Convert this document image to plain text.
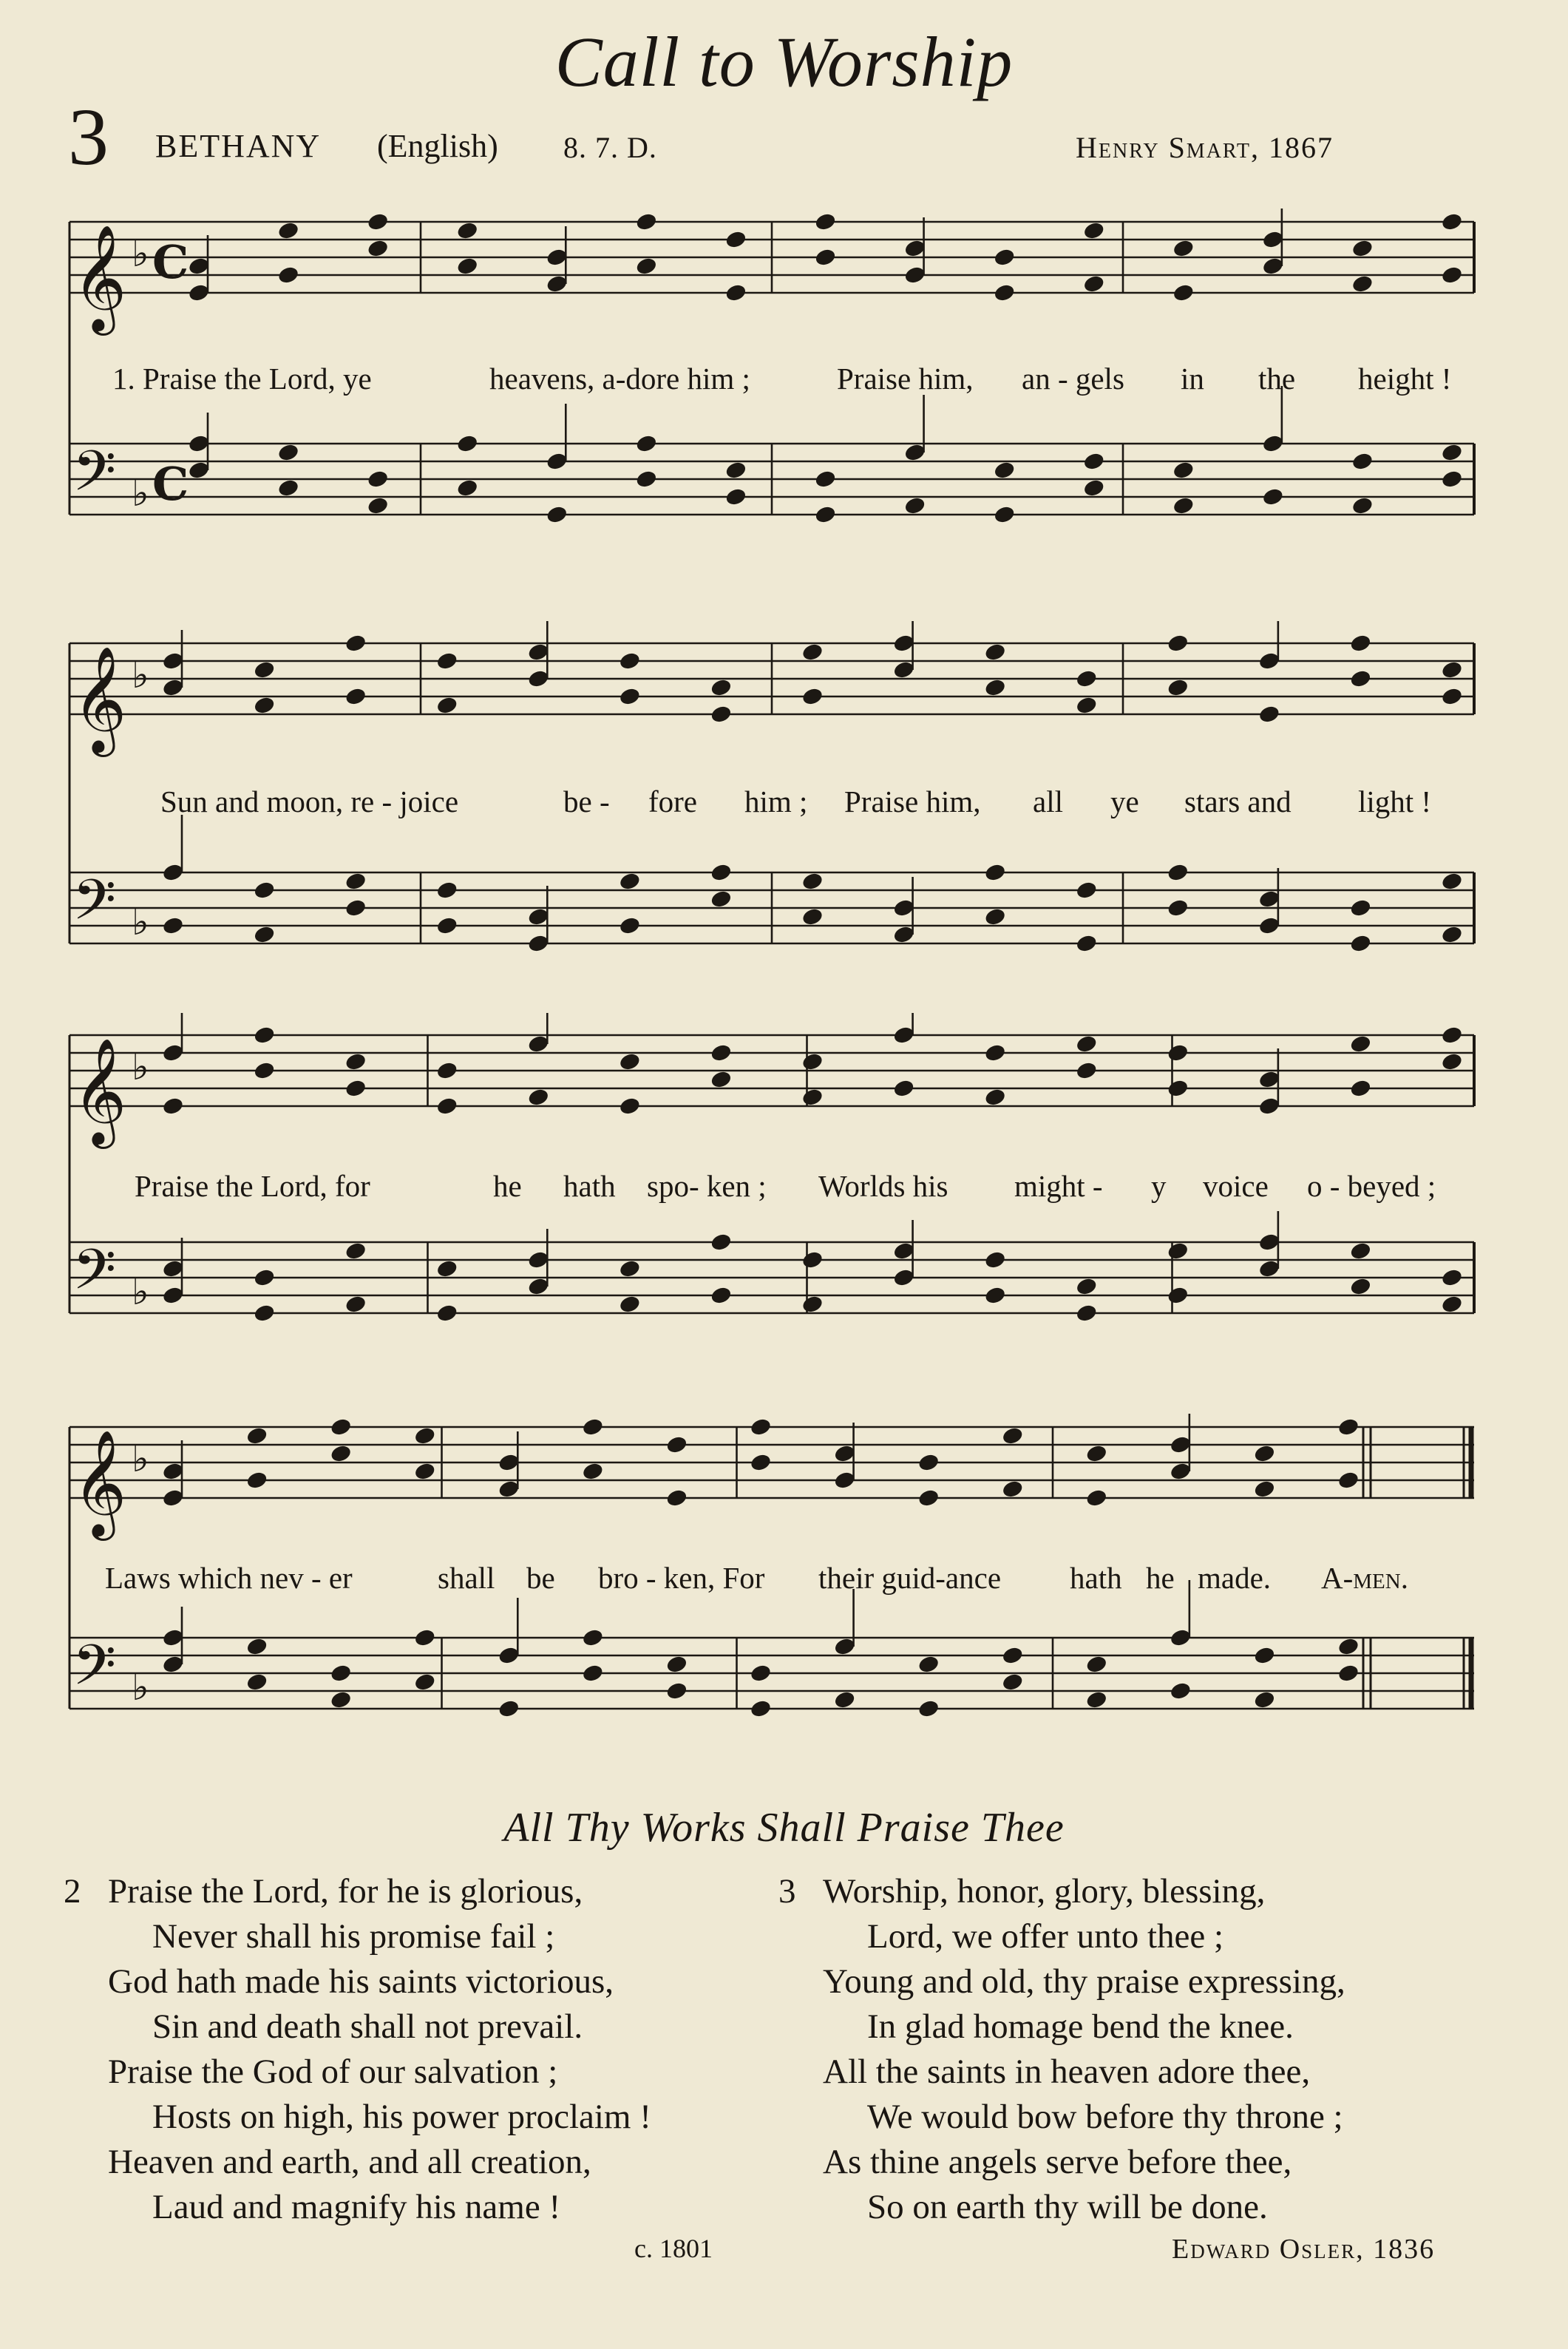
Call to Worship
3 BETHANY (English) 8. 7. D.	Henry Smart, 1867
𝄞 ♭ C
𝄢 ♭ C
1. Praise the Lord, ye	heavens, a-dore him ;	Praise him, an - gels in the height !
𝄞 ♭
𝄢 ♭
Sun and moon, re - joice	be - fore him ; Praise him, all ye stars and light !
𝄞 ♭
𝄢 ♭
Praise the Lord, for	he hath spo- ken ; Worlds his might - y voice o - beyed ;
𝄞 ♭
𝄢 ♭
Laws which nev - er	shall be bro - ken, For their guid-ance hath he made. A-men.
All Thy Works Shall Praise Thee
2 Praise the Lord, for he is glorious,
Never shall his promise fail ;
God hath made his saints victorious,
Sin and death shall not prevail.
Praise the God of our salvation ;
Hosts on high, his power proclaim !
Heaven and earth, and all creation,
Laud and magnify his name !
3 Worship, honor, glory, blessing,
Lord, we offer unto thee ;
Young and old, thy praise expressing,
In glad homage bend the knee.
All the saints in heaven adore thee,
We would bow before thy throne ;
As thine angels serve before thee,
So on earth thy will be done.
c. 1801	Edward Osler, 1836
